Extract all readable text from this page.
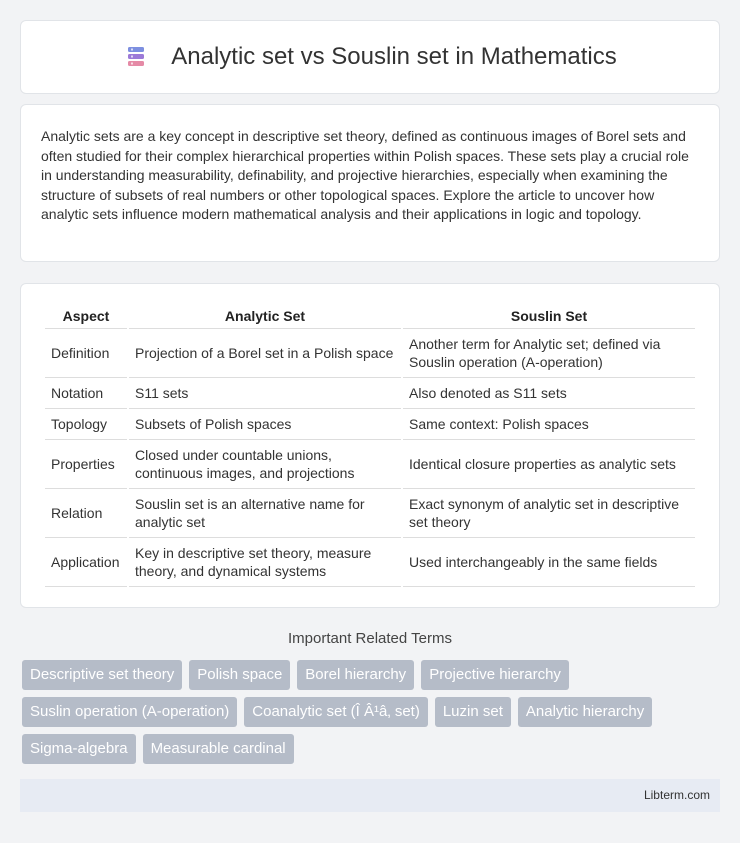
Analytic set vs Souslin set in Mathematics

Analytic sets are a key concept in descriptive set theory, defined as continuous images of Borel sets and often studied for their complex hierarchical properties within Polish spaces. These sets play a crucial role in understanding measurability, definability, and projective hierarchies, especially when examining the structure of subsets of real numbers or other topological spaces. Explore the article to uncover how analytic sets influence modern mathematical analysis and their applications in logic and topology.

Aspect	Analytic Set	Souslin Set
Definition	Projection of a Borel set in a Polish space	Another term for Analytic set; defined via Souslin operation (A-operation)
Notation	S11 sets	Also denoted as S11 sets
Topology	Subsets of Polish spaces	Same context: Polish spaces
Properties	Closed under countable unions, continuous images, and projections	Identical closure properties as analytic sets
Relation	Souslin set is an alternative name for analytic set	Exact synonym of analytic set in descriptive set theory
Application	Key in descriptive set theory, measure theory, and dynamical systems	Used interchangeably in the same fields
Important Related Terms
Descriptive set theory	Polish space	Borel hierarchy	Projective hierarchy
Suslin operation (A-operation)	Coanalytic set (Î Â¹â‚ set)	Luzin set	Analytic hierarchy
Sigma-algebra	Measurable cardinal
Libterm.com
